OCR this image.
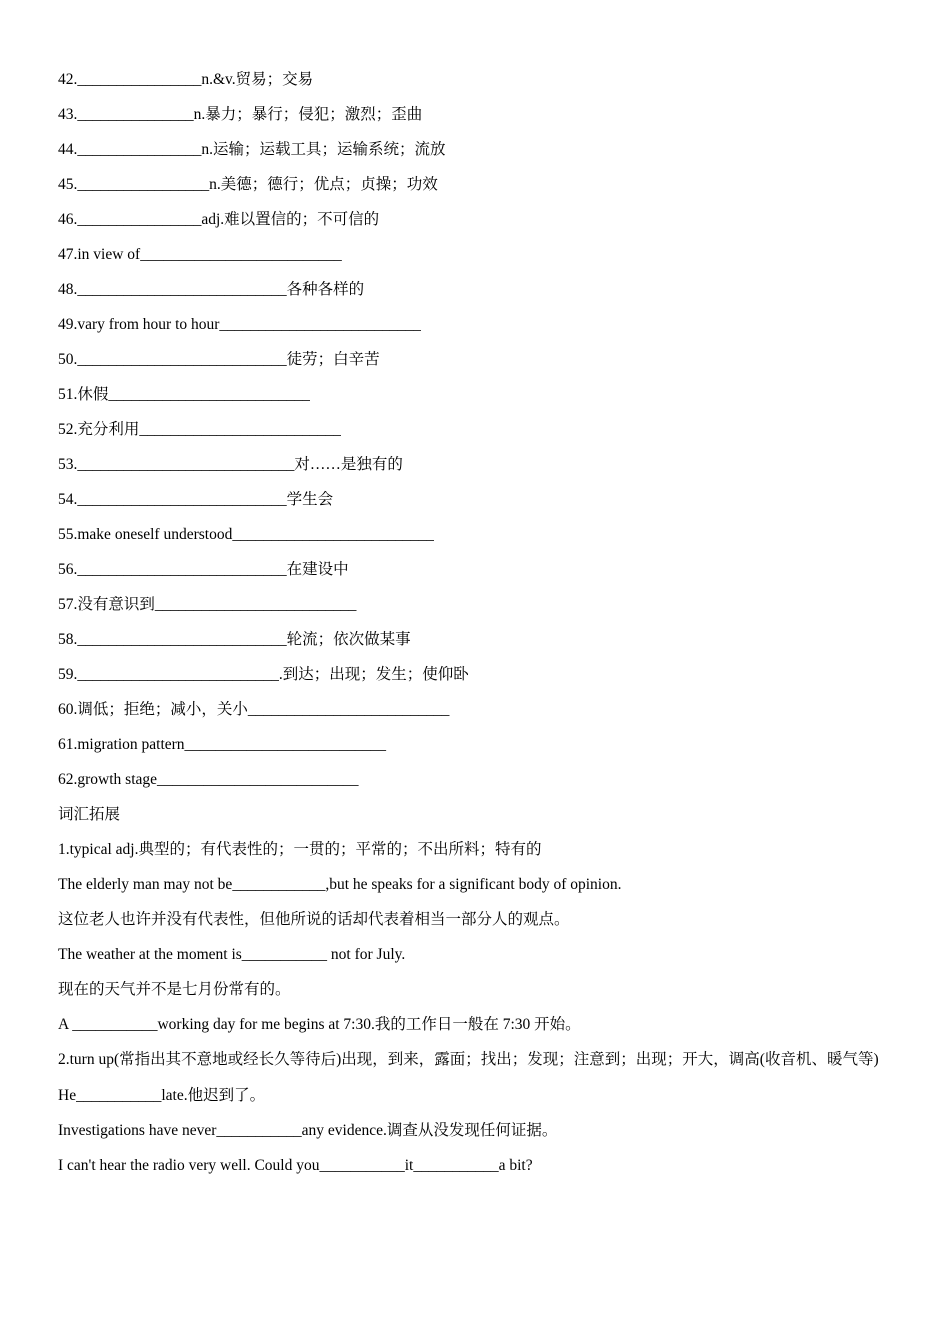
42.________________n.&v.贸易；交易
43._______________n.暴力；暴行；侵犯；激烈；歪曲
44.________________n.运输；运载工具；运输系统；流放
45._________________n.美德；德行；优点；贞操；功效
46.________________adj.难以置信的；不可信的
47.in view of__________________________
48.___________________________各种各样的
49.vary from hour to hour__________________________
50.___________________________徒劳；白辛苦
51.休假__________________________
52.充分利用__________________________
53.____________________________对……是独有的
54.___________________________学生会
55.make oneself understood__________________________
56.___________________________在建设中
57.没有意识到__________________________
58.___________________________轮流；依次做某事
59.__________________________.到达；出现；发生；使仰卧
60.调低；拒绝；减小，关小__________________________
61.migration pattern__________________________
62.growth stage__________________________
词汇拓展
1.typical adj.典型的；有代表性的；一贯的；平常的；不出所料；特有的
The elderly man may not be____________,but he speaks for a significant body of opinion.
这位老人也许并没有代表性，但他所说的话却代表着相当一部分人的观点。
The weather at the moment is___________ not for July.
现在的天气并不是七月份常有的。
A ___________working day for me begins at 7:30.我的工作日一般在 7:30 开始。
2.turn up(常指出其不意地或经长久等待后)出现，到来，露面；找出；发现；注意到；出现；开大，调高(收音机、暖气等)
He___________late.他迟到了。
Investigations have never___________any evidence.调查从没发现任何证据。
I can't hear the radio very well. Could you___________it___________a bit?
